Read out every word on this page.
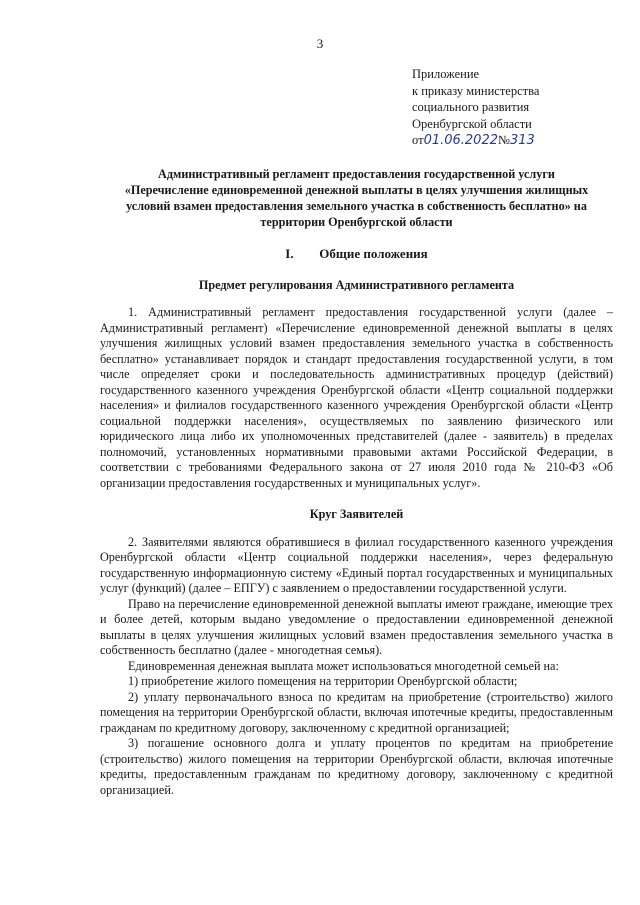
3
Приложение
к приказу министерства
социального развития
Оренбургской области
от01.06.2022№313
Административный регламент предоставления государственной услуги
«Перечисление единовременной денежной выплаты в целях улучшения жилищных
условий взамен предоставления земельного участка в собственность бесплатно» на
территории Оренбургской области
I. Общие положения
Предмет регулирования Административного регламента

1. Административный регламент предоставления государственной услуги (далее – Административный регламент) «Перечисление единовременной денежной выплаты в целях улучшения жилищных условий взамен предоставления земельного участка в собственность бесплатно» устанавливает порядок и стандарт предоставления государственной услуги, в том числе определяет сроки и последовательность административных процедур (действий) государственного казенного учреждения Оренбургской области «Центр социальной поддержки населения» и филиалов государственного казенного учреждения Оренбургской области «Центр социальной поддержки населения», осуществляемых по заявлению физического или юридического лица либо их уполномоченных представителей (далее - заявитель) в пределах полномочий, установленных нормативными правовыми актами Российской Федерации, в соответствии с требованиями Федерального закона от 27 июля 2010 года № 210-ФЗ «Об организации предоставления государственных и муниципальных услуг».

Круг Заявителей

2. Заявителями являются обратившиеся в филиал государственного казенного учреждения Оренбургской области «Центр социальной поддержки населения», через федеральную государственную информационную систему «Единый портал государственных и муниципальных услуг (функций) (далее – ЕПГУ) с заявлением о предоставлении государственной услуги.

Право на перечисление единовременной денежной выплаты имеют граждане, имеющие трех и более детей, которым выдано уведомление о предоставлении единовременной денежной выплаты в целях улучшения жилищных условий взамен предоставления земельного участка в собственность бесплатно (далее - многодетная семья).

Единовременная денежная выплата может использоваться многодетной семьей на:

1) приобретение жилого помещения на территории Оренбургской области;

2) уплату первоначального взноса по кредитам на приобретение (строительство) жилого помещения на территории Оренбургской области, включая ипотечные кредиты, предоставленным гражданам по кредитному договору, заключенному с кредитной организацией;

3) погашение основного долга и уплату процентов по кредитам на приобретение (строительство) жилого помещения на территории Оренбургской области, включая ипотечные кредиты, предоставленным гражданам по кредитному договору, заключенному с кредитной организацией.
